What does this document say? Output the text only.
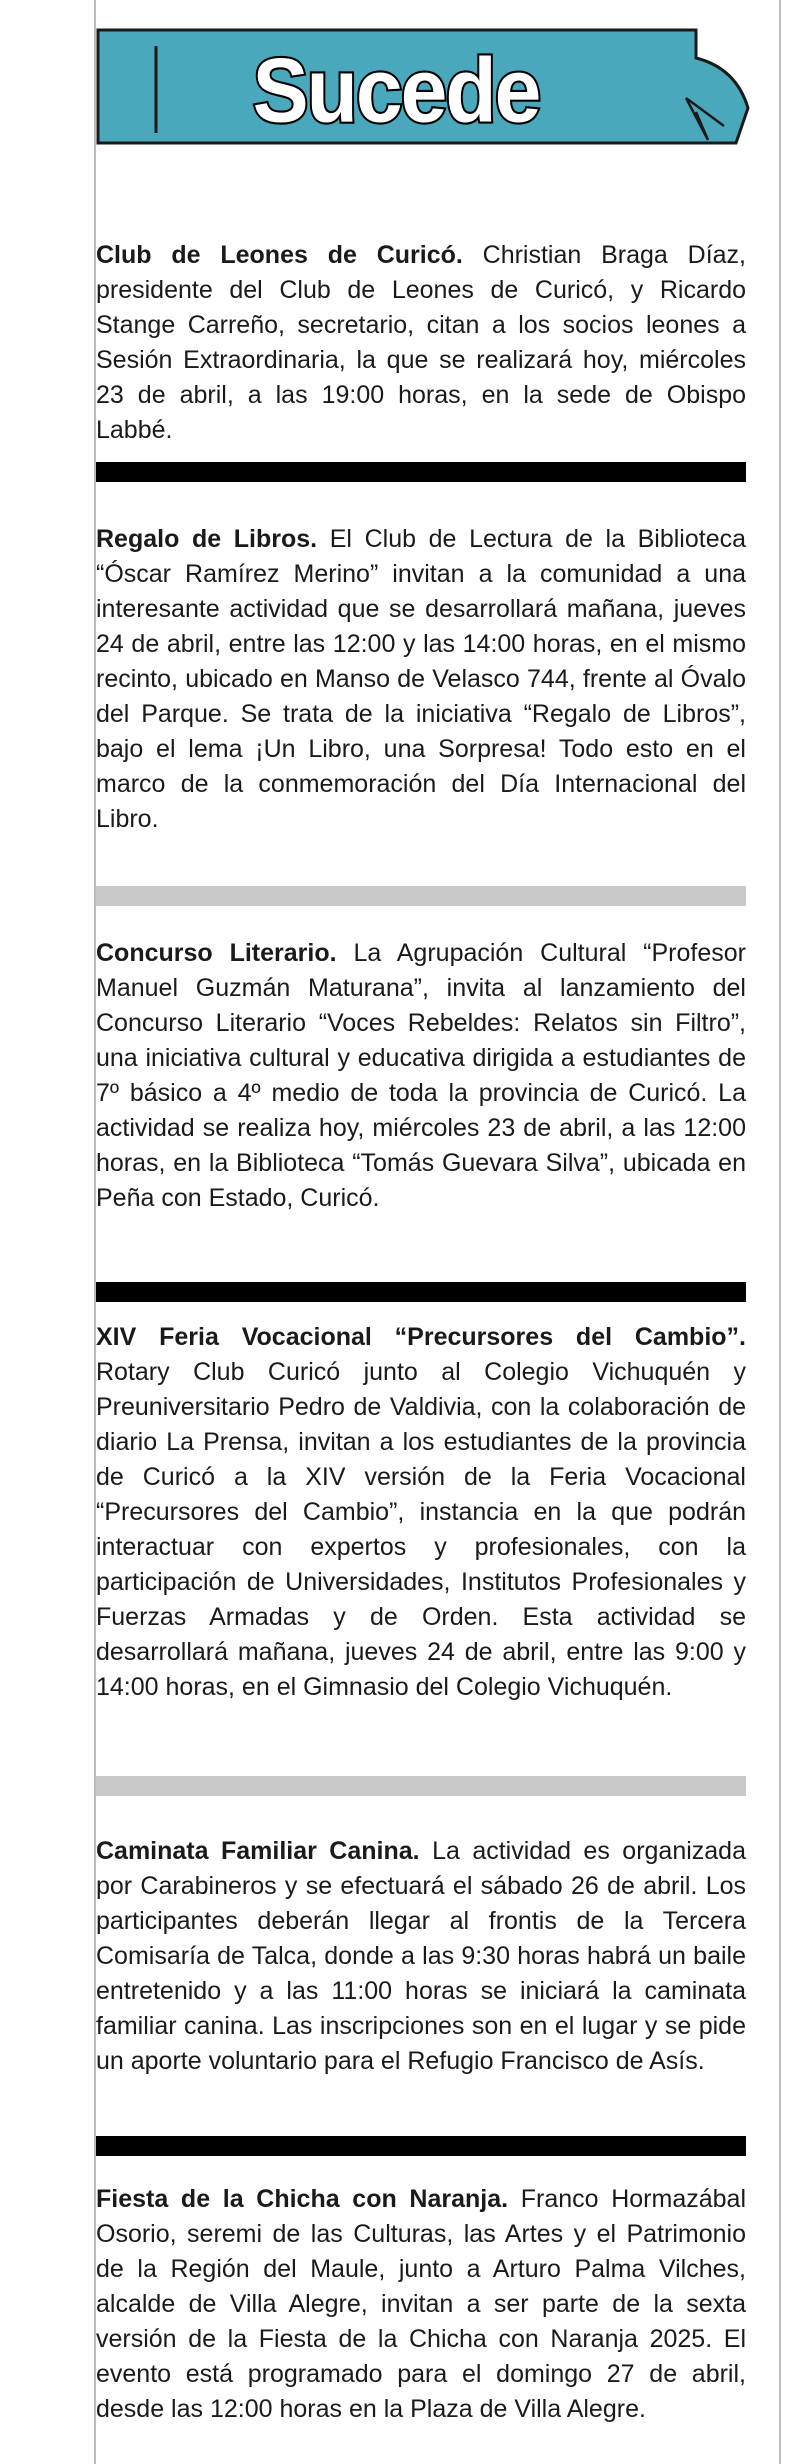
Sucede
Club de Leones de Curicó. Christian Braga Díaz, presidente del Club de Leones de Curicó, y Ricardo Stange Carreño, secretario, citan a los socios leones a Sesión Extraordinaria, la que se realizará hoy, miércoles 23 de abril, a las 19:00 horas, en la sede de Obispo Labbé.
Regalo de Libros. El Club de Lectura de la Biblioteca “Óscar Ramírez Merino” invitan a la comunidad a una interesante actividad que se desarrollará mañana, jueves 24 de abril, entre las 12:00 y las 14:00 horas, en el mismo recinto, ubicado en Manso de Velasco 744, frente al Óvalo del Parque. Se trata de la iniciativa “Regalo de Libros”, bajo el lema ¡Un Libro, una Sorpresa! Todo esto en el marco de la conmemoración del Día Internacional del Libro.
Concurso Literario. La Agrupación Cultural “Profesor Manuel Guzmán Maturana”, invita al lanzamiento del Concurso Literario “Voces Rebeldes: Relatos sin Filtro”, una iniciativa cultural y educativa dirigida a estudiantes de 7º básico a 4º medio de toda la provincia de Curicó. La actividad se realiza hoy, miércoles 23 de abril, a las 12:00 horas, en la Biblioteca “Tomás Guevara Silva”, ubicada en Peña con Estado, Curicó.
XIV Feria Vocacional “Precursores del Cambio”. Rotary Club Curicó junto al Colegio Vichuquén y Preuniversitario Pedro de Valdivia, con la colaboración de diario La Prensa, invitan a los estudiantes de la provincia de Curicó a la XIV versión de la Feria Vocacional “Precursores del Cambio”, instancia en la que podrán interactuar con expertos y profesionales, con la participación de Universidades, Institutos Profesionales y Fuerzas Armadas y de Orden. Esta actividad se desarrollará mañana, jueves 24 de abril, entre las 9:00 y 14:00 horas, en el Gimnasio del Colegio Vichuquén.
Caminata Familiar Canina. La actividad es organizada por Carabineros y se efectuará el sábado 26 de abril. Los participantes deberán llegar al frontis de la Tercera Comisaría de Talca, donde a las 9:30 horas habrá un baile entretenido y a las 11:00 horas se iniciará la caminata familiar canina. Las inscripciones son en el lugar y se pide un aporte voluntario para el Refugio Francisco de Asís.
Fiesta de la Chicha con Naranja. Franco Hormazábal Osorio, seremi de las Culturas, las Artes y el Patrimonio de la Región del Maule, junto a Arturo Palma Vilches, alcalde de Villa Alegre, invitan a ser parte de la sexta versión de la Fiesta de la Chicha con Naranja 2025. El evento está programado para el domingo 27 de abril, desde las 12:00 horas en la Plaza de Villa Alegre.
